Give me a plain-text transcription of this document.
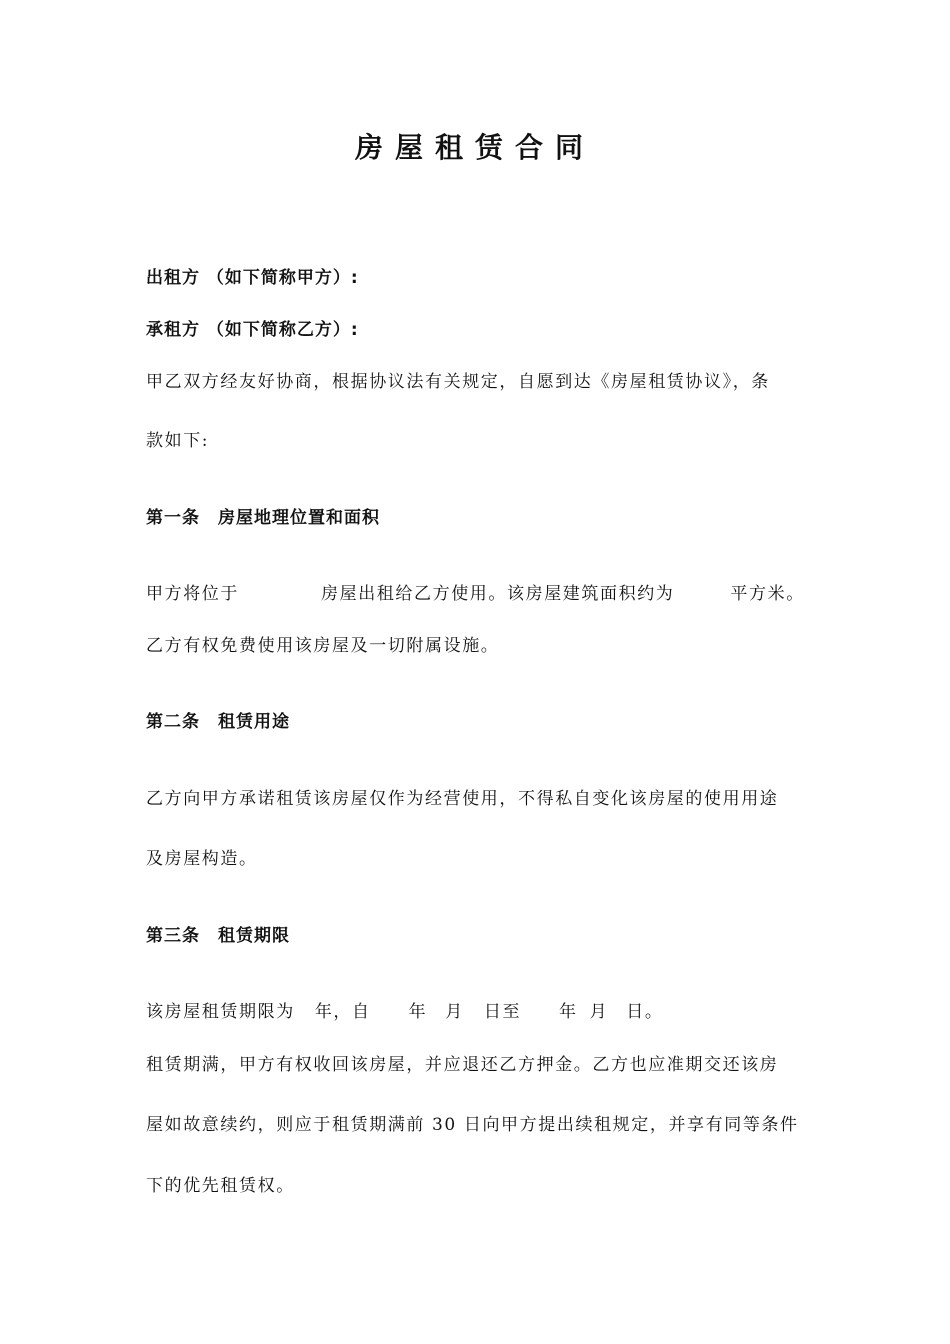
房屋租赁合同
出租方 （如下简称甲方）:
承租方 （如下简称乙方）:
甲乙双方经友好协商，根据协议法有关规定，自愿到达《房屋租赁协议》，条
款如下:
第一条 房屋地理位置和面积
甲方将位于	房屋出租给乙方使用。该房屋建筑面积约为	平方米。
乙方有权免费使用该房屋及一切附属设施。
第二条 租赁用途
乙方向甲方承诺租赁该房屋仅作为经营使用，不得私自变化该房屋的使用用途
及房屋构造。
第三条 租赁期限
该房屋租赁期限为 年，自 年 月 日至 年 月 日。
租赁期满，甲方有权收回该房屋，并应退还乙方押金。乙方也应准期交还该房
屋如故意续约，则应于租赁期满前 30 日向甲方提出续租规定，并享有同等条件
下的优先租赁权。
